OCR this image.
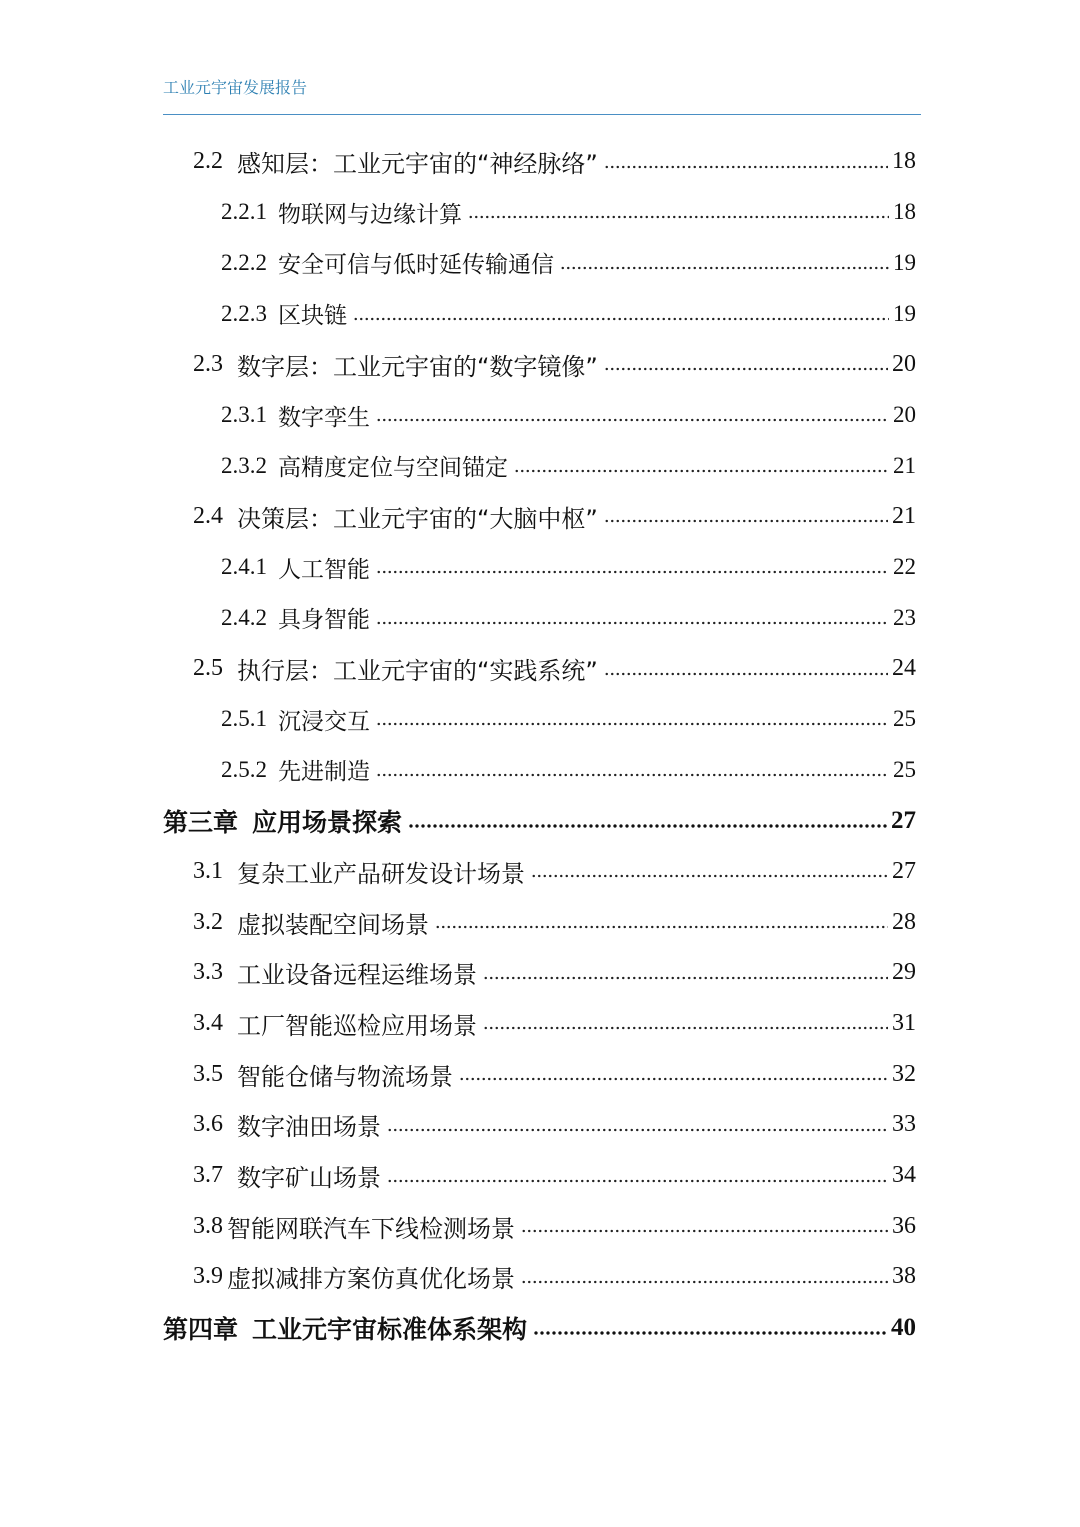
工业元宇宙发展报告
2.2 感知层：工业元宇宙的“神经脉络”	18
2.2.1 物联网与边缘计算	18
2.2.2 安全可信与低时延传输通信	19
2.2.3 区块链	19
2.3 数字层：工业元宇宙的“数字镜像”	20
2.3.1 数字孪生	20
2.3.2 高精度定位与空间锚定	21
2.4 决策层：工业元宇宙的“大脑中枢”	21
2.4.1 人工智能	22
2.4.2 具身智能	23
2.5 执行层：工业元宇宙的“实践系统”	24
2.5.1 沉浸交互	25
2.5.2 先进制造	25
第三章 应用场景探索	27
3.1 复杂工业产品研发设计场景	27
3.2 虚拟装配空间场景	28
3.3 工业设备远程运维场景	29
3.4 工厂智能巡检应用场景	31
3.5 智能仓储与物流场景	32
3.6 数字油田场景	33
3.7 数字矿山场景	34
3.8 智能网联汽车下线检测场景	36
3.9 虚拟减排方案仿真优化场景	38
第四章 工业元宇宙标准体系架构	40
